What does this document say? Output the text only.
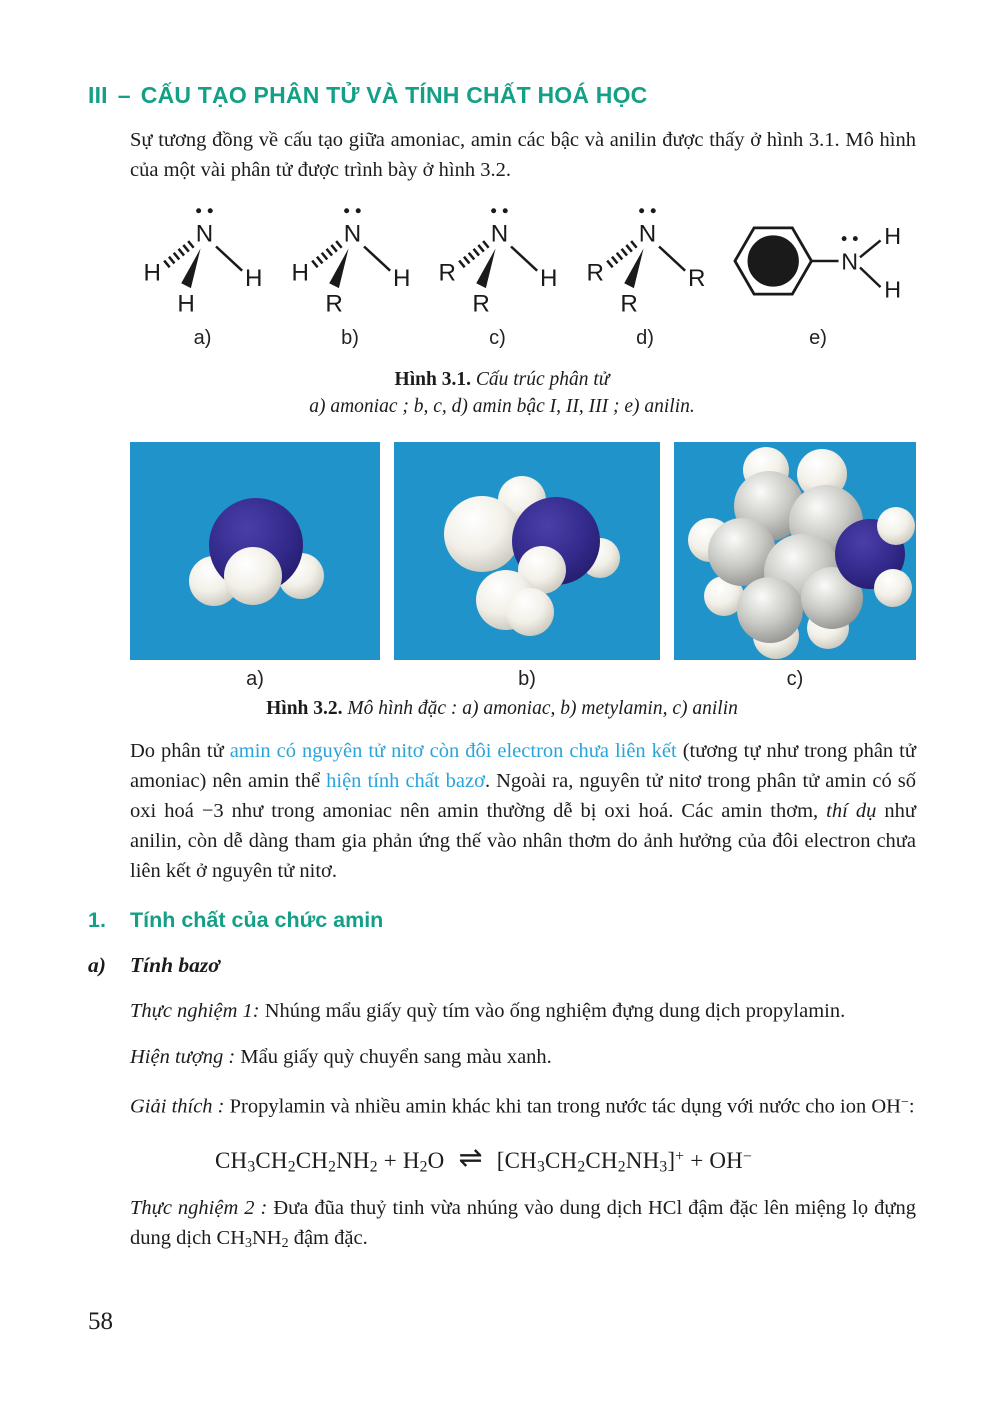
III – CẤU TẠO PHÂN TỬ VÀ TÍNH CHẤT HOÁ HỌC

Sự tương đồng về cấu tạo giữa amoniac, amin các bậc và anilin được thấy ở hình 3.1. Mô hình của một vài phân tử được trình bày ở hình 3.2.

N
H
H
H
a)
N
H
R
H
b)
N
R
R
H
c)
N
R
R
R
d)
N
H
H
e)
Hình 3.1. Cấu trúc phân tử
a) amoniac ; b, c, d) amin bậc I, II, III ; e) anilin.
a)	b)	c)
Hình 3.2. Mô hình đặc : a) amoniac, b) metylamin, c) anilin

Do phân tử amin có nguyên tử nitơ còn đôi electron chưa liên kết (tương tự như trong phân tử amoniac) nên amin thể hiện tính chất bazơ. Ngoài ra, nguyên tử nitơ trong phân tử amin có số oxi hoá −3 như trong amoniac nên amin thường dễ bị oxi hoá. Các amin thơm, thí dụ như anilin, còn dễ dàng tham gia phản ứng thế vào nhân thơm do ảnh hưởng của đôi electron chưa liên kết ở nguyên tử nitơ.

1.	Tính chất của chức amin
a)	Tính bazơ

Thực nghiệm 1: Nhúng mẩu giấy quỳ tím vào ống nghiệm đựng dung dịch propylamin.

Hiện tượng : Mẩu giấy quỳ chuyển sang màu xanh.

Giải thích : Propylamin và nhiều amin khác khi tan trong nước tác dụng với nước cho ion OH−:

CH3CH2CH2NH2 + H2O ⇌ [CH3CH2CH2NH3]+ + OH−

Thực nghiệm 2 : Đưa đũa thuỷ tinh vừa nhúng vào dung dịch HCl đậm đặc lên miệng lọ đựng dung dịch CH3NH2 đậm đặc.

58
